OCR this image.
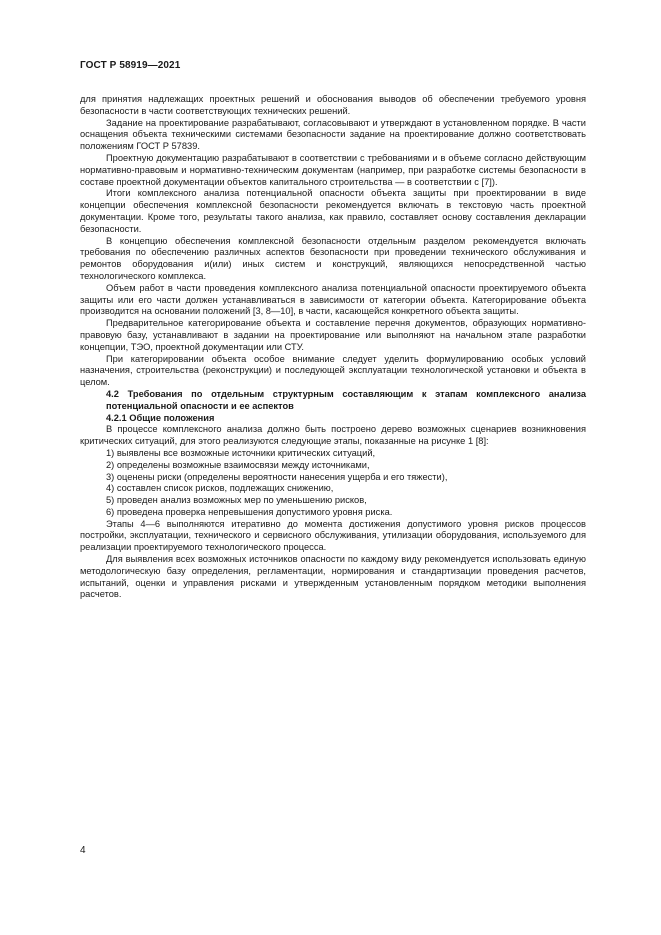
ГОСТ Р 58919—2021

для принятия надлежащих проектных решений и обоснования выводов об обеспечении требуемого уровня безопасности в части соответствующих технических решений.

Задание на проектирование разрабатывают, согласовывают и утверждают в установленном порядке. В части оснащения объекта техническими системами безопасности задание на проектирование должно соответствовать положениям ГОСТ Р 57839.

Проектную документацию разрабатывают в соответствии с требованиями и в объеме согласно действующим нормативно-правовым и нормативно-техническим документам (например, при разработке системы безопасности в составе проектной документации объектов капитального строительства — в соответствии с [7]).

Итоги комплексного анализа потенциальной опасности объекта защиты при проектировании в виде концепции обеспечения комплексной безопасности рекомендуется включать в текстовую часть проектной документации. Кроме того, результаты такого анализа, как правило, составляет основу составления декларации безопасности.

В концепцию обеспечения комплексной безопасности отдельным разделом рекомендуется включать требования по обеспечению различных аспектов безопасности при проведении технического обслуживания и ремонтов оборудования и(или) иных систем и конструкций, являющихся непосредственной частью технологического комплекса.

Объем работ в части проведения комплексного анализа потенциальной опасности проектируемого объекта защиты или его части должен устанавливаться в зависимости от категории объекта. Категорирование объекта производится на основании положений [3, 8—10], в части, касающейся конкретного объекта защиты.

Предварительное категорирование объекта и составление перечня документов, образующих нормативно-правовую базу, устанавливают в задании на проектирование или выполняют на начальном этапе разработки концепции, ТЭО, проектной документации или СТУ.

При категорировании объекта особое внимание следует уделить формулированию особых условий назначения, строительства (реконструкции) и последующей эксплуатации технологической установки и объекта в целом.

4.2 Требования по отдельным структурным составляющим к этапам комплексного анализа потенциальной опасности и ее аспектов

4.2.1 Общие положения

В процессе комплексного анализа должно быть построено дерево возможных сценариев возникновения критических ситуаций, для этого реализуются следующие этапы, показанные на рисунке 1 [8]:

1) выявлены все возможные источники критических ситуаций,

2) определены возможные взаимосвязи между источниками,

3) оценены риски (определены вероятности нанесения ущерба и его тяжести),

4) составлен список рисков, подлежащих снижению,

5) проведен анализ возможных мер по уменьшению рисков,

6) проведена проверка непревышения допустимого уровня риска.

Этапы 4—6 выполняются итеративно до момента достижения допустимого уровня рисков процессов постройки, эксплуатации, технического и сервисного обслуживания, утилизации оборудования, используемого для реализации проектируемого технологического процесса.

Для выявления всех возможных источников опасности по каждому виду рекомендуется использовать единую методологическую базу определения, регламентации, нормирования и стандартизации проведения расчетов, испытаний, оценки и управления рисками и утвержденным установленным порядком методики выполнения расчетов.

4
